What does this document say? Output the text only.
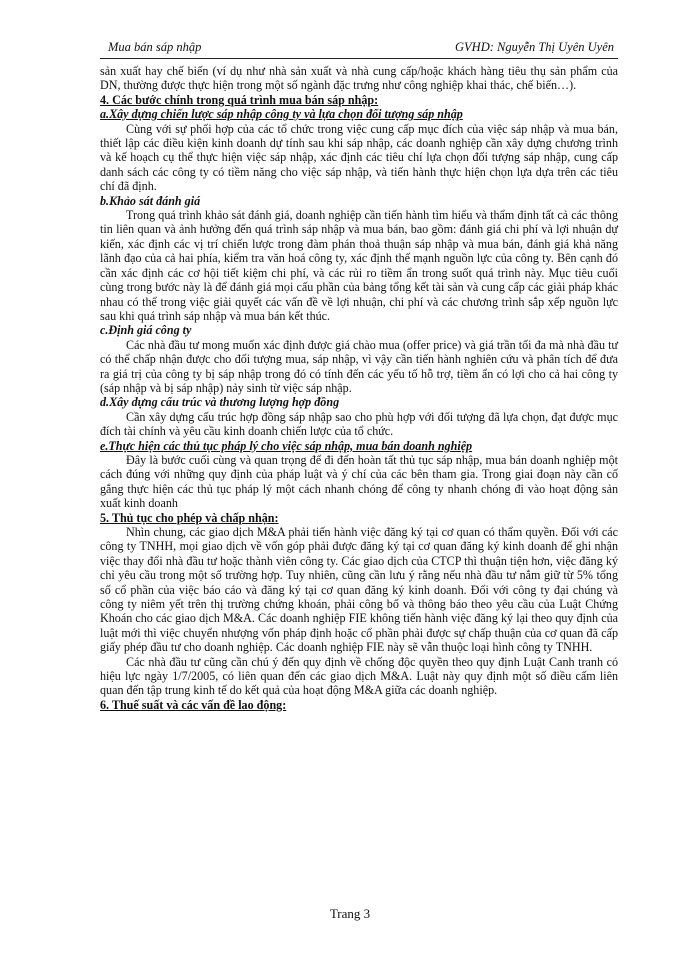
Mua bán sáp nhập	GVHD: Nguyễn Thị Uyên Uyên

sản xuất hay chế biến (ví dụ như nhà sản xuất và nhà cung cấp/hoặc khách hàng tiêu thụ sản phẩm của DN, thường được thực hiện trong một số ngành đặc trưng như công nghiệp khai thác, chế biến…).

4. Các bước chính trong quá trình mua bán sáp nhập:

a.Xây dựng chiến lược sáp nhập công ty và lựa chọn đối tượng sáp nhập

Cùng với sự phối hợp của các tổ chức trong việc cung cấp mục đích của việc sáp nhập và mua bán, thiết lập các điều kiện kinh doanh dự tính sau khi sáp nhập, các doanh nghiệp cần xây dựng chương trình và kế hoạch cụ thể thực hiện việc sáp nhập, xác định các tiêu chí lựa chọn đối tượng sáp nhập, cung cấp danh sách các công ty có tiềm năng cho việc sáp nhập, và tiến hành thực hiện chọn lựa dựa trên các tiêu chí đã định.

b.Khảo sát đánh giá

Trong quá trình khảo sát đánh giá, doanh nghiệp cần tiến hành tìm hiểu và thẩm định tất cả các thông tin liên quan và ảnh hưởng đến quá trình sáp nhập và mua bán, bao gồm: đánh giá chi phí và lợi nhuận dự kiến, xác định các vị trí chiến lược trong đàm phán thoả thuận sáp nhập và mua bán, đánh giá khả năng lãnh đạo của cả hai phía, kiểm tra văn hoá công ty, xác định thế mạnh nguồn lực của công ty. Bên cạnh đó cần xác định các cơ hội tiết kiệm chi phí, và các rủi ro tiềm ẩn trong suốt quá trình này. Mục tiêu cuối cùng trong bước này là để đánh giá mọi cấu phần của bảng tổng kết tài sản và cung cấp các giải pháp khác nhau có thể trong việc giải quyết các vấn đề về lợi nhuận, chi phí và các chương trình sắp xếp nguồn lực sau khi quá trình sáp nhập và mua bán kết thúc.

c.Định giá công ty

Các nhà đầu tư mong muốn xác định được giá chào mua (offer price) và giá trần tối đa mà nhà đầu tư có thể chấp nhận được cho đối tượng mua, sáp nhập, vì vậy cần tiến hành nghiên cứu và phân tích để đưa ra giá trị của công ty bị sáp nhập trong đó có tính đến các yếu tố hỗ trợ, tiềm ẩn có lợi cho cả hai công ty (sáp nhập và bị sáp nhập) nảy sinh từ việc sáp nhập.

d.Xây dựng cấu trúc và thương lượng hợp đồng

Cần xây dựng cấu trúc hợp đồng sáp nhập sao cho phù hợp với đối tượng đã lựa chọn, đạt được mục đích tài chính và yêu cầu kinh doanh chiến lược của tổ chức.

e.Thực hiện các thủ tục pháp lý cho việc sáp nhập, mua bán doanh nghiệp

Đây là bước cuối cùng và quan trọng để đi đến hoàn tất thủ tục sáp nhập, mua bán doanh nghiệp một cách đúng với những quy định của pháp luật và ý chí của các bên tham gia. Trong giai đoạn này cần cố gắng thực hiện các thủ tục pháp lý một cách nhanh chóng để công ty nhanh chóng đi vào hoạt động sản xuất kinh doanh

5. Thủ tục cho phép và chấp nhận:

Nhìn chung, các giao dịch M&A phải tiến hành việc đăng ký tại cơ quan có thẩm quyền. Đối với các công ty TNHH, mọi giao dịch về vốn góp phải được đăng ký tại cơ quan đăng ký kinh doanh để ghi nhận việc thay đổi nhà đầu tư hoặc thành viên công ty. Các giao dịch của CTCP thì thuận tiện hơn, việc đăng ký chỉ yêu cầu trong một số trường hợp. Tuy nhiên, cũng cần lưu ý rằng nếu nhà đầu tư nắm giữ từ 5% tổng số cổ phần của việc báo cáo và đăng ký tại cơ quan đăng ký kinh doanh. Đối với công ty đại chúng và công ty niêm yết trên thị trường chứng khoán, phải công bố và thông báo theo yêu cầu của Luật Chứng Khoán cho các giao dịch M&A. Các doanh nghiệp FIE không tiến hành việc đăng ký lại theo quy định của luật mới thì việc chuyển nhượng vốn pháp định hoặc cổ phần phải được sự chấp thuận của cơ quan đã cấp giấy phép đầu tư cho doanh nghiệp. Các doanh nghiệp FIE này sẽ vẫn thuộc loại hình công ty TNHH.

Các nhà đầu tư cũng cần chú ý đến quy định về chống độc quyền theo quy định Luật Canh tranh có hiệu lực ngày 1/7/2005, có liên quan đến các giao dịch M&A. Luật này quy định một số điều cấm liên quan đến tập trung kinh tế do kết quả của hoạt động M&A giữa các doanh nghiệp.

6. Thuế suất và các vấn đề lao động:

Trang 3
